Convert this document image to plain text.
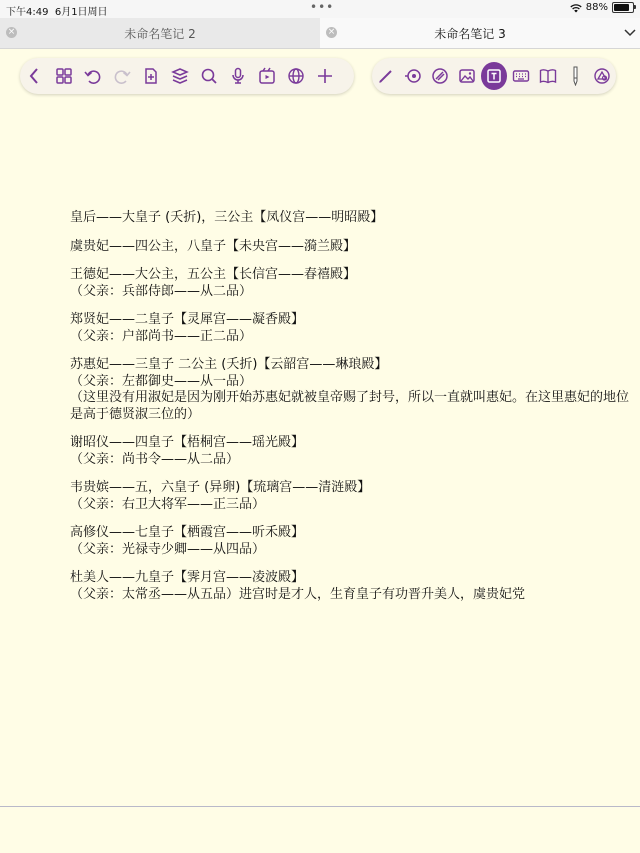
下午4:49 6月1日周日	•••	88%
×	未命名笔记 2	×	未命名笔记 3

皇后——大皇子 (夭折)，三公主【凤仪宫——明昭殿】

虞贵妃——四公主，八皇子【未央宫——漪兰殿】

王德妃——大公主，五公主【长信宫——春禧殿】
（父亲：兵部侍郎——从二品）

郑贤妃——二皇子【灵犀宫——凝香殿】
（父亲：户部尚书——正二品）

苏惠妃——三皇子 二公主 (夭折)【云韶宫——琳琅殿】
（父亲：左都御史——从一品）
（这里没有用淑妃是因为刚开始苏惠妃就被皇帝赐了封号，所以一直就叫惠妃。在这里惠妃的地位是高于德贤淑三位的）

谢昭仪——四皇子【梧桐宫——瑶光殿】
（父亲：尚书令——从二品）

韦贵嫔——五，六皇子 (异卵)【琉璃宫——清涟殿】
（父亲：右卫大将军——正三品）

高修仪——七皇子【栖霞宫——听禾殿】
（父亲：光禄寺少卿——从四品）

杜美人——九皇子【霁月宫——凌波殿】
（父亲：太常丞——从五品）进宫时是才人，生育皇子有功晋升美人，虞贵妃党
